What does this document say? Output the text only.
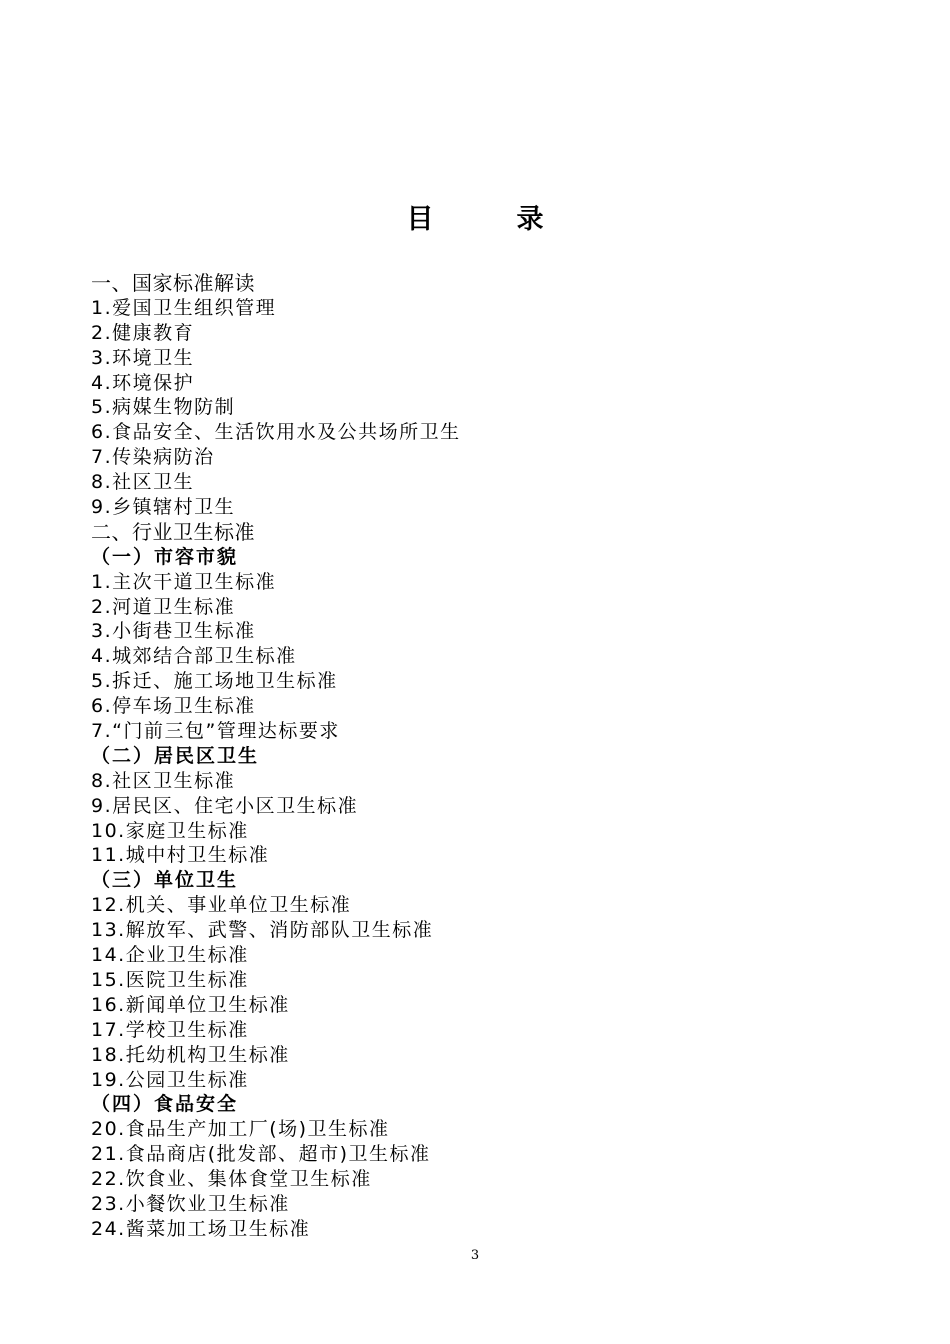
目　录
一、国家标准解读
1.爱国卫生组织管理
2.健康教育
3.环境卫生
4.环境保护
5.病媒生物防制
6.食品安全、生活饮用水及公共场所卫生
7.传染病防治
8.社区卫生
9.乡镇辖村卫生
二、行业卫生标准
（一）市容市貌
1.主次干道卫生标准
2.河道卫生标准
3.小街巷卫生标准
4.城郊结合部卫生标准
5.拆迁、施工场地卫生标准
6.停车场卫生标准
7.“门前三包”管理达标要求
（二）居民区卫生
8.社区卫生标准
9.居民区、住宅小区卫生标准
10.家庭卫生标准
11.城中村卫生标准
（三）单位卫生
12.机关、事业单位卫生标准
13.解放军、武警、消防部队卫生标准
14.企业卫生标准
15.医院卫生标准
16.新闻单位卫生标准
17.学校卫生标准
18.托幼机构卫生标准
19.公园卫生标准
（四）食品安全
20.食品生产加工厂(场)卫生标准
21.食品商店(批发部、超市)卫生标准
22.饮食业、集体食堂卫生标准
23.小餐饮业卫生标准
24.酱菜加工场卫生标准
3
